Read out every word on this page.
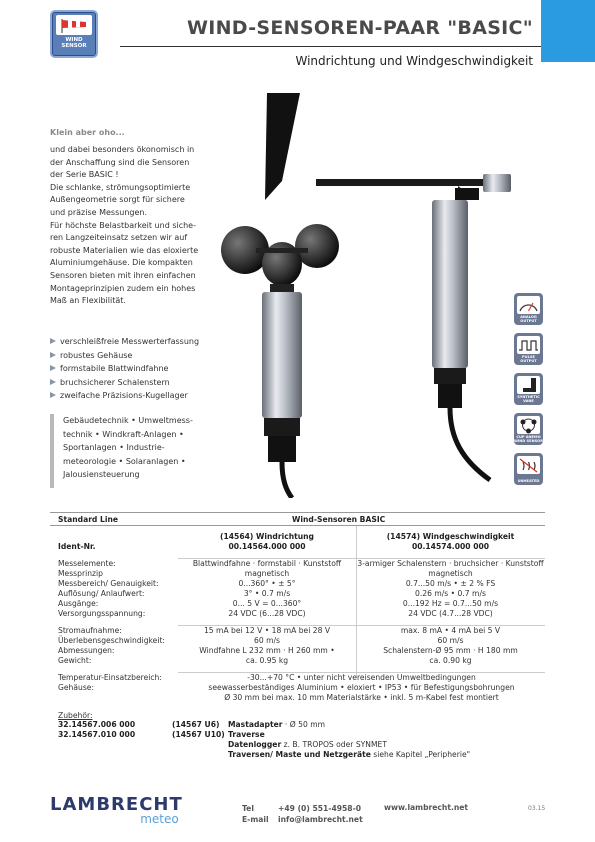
WIND
SENSOR
WIND-SENSOREN-PAAR "BASIC"
Windrichtung und Windgeschwindigkeit
Klein aber oho...
und dabei besonders ökonomisch in
der Anschaffung sind die Sensoren
der Serie BASIC !
Die schlanke, strömungsoptimierte
Außengeometrie sorgt für sichere
und präzise Messungen.
Für höchste Belastbarkeit und siche-
ren Langzeiteinsatz setzen wir auf
robuste Materialien wie das eloxierte
Aluminiumgehäuse. Die kompakten
Sensoren bieten mit ihren einfachen
Montageprinzipien zudem ein hohes
Maß an Flexibilität.
verschleißfreie Messwerterfassung
robustes Gehäuse
formstabile Blattwindfahne
bruchsicherer Schalenstern
zweifache Präzisions-Kugellager
Gebäudetechnik • Umweltmess-
technik • Windkraft-Anlagen •
Sportanlagen • Industrie-
meteorologie • Solaranlagen •
Jalousiensteuerung
ANALOG
OUTPUT
PULSE
OUTPUT
SYNTHETIC
VANE
CUP ANEMO
WIND SENSOR
UNHEATED
Standard Line	Wind-Sensoren BASIC
(14564) Windrichtung	(14574) Windgeschwindigkeit
Ident-Nr.	00.14564.000 000	00.14574.000 000
Messelemente:	Blattwindfahne · formstabil · Kunststoff	3-armiger Schalenstern · bruchsicher · Kunststoff
Messprinzip	magnetisch	magnetisch
Messbereich/ Genauigkeit:	0...360° • ± 5°	0.7...50 m/s • ± 2 % FS
Auflösung/ Anlaufwert:	3° • 0.7 m/s	0.26 m/s • 0.7 m/s
Ausgänge:	0... 5 V = 0...360°	0...192 Hz = 0.7...50 m/s
Versorgungsspannung:	24 VDC (6...28 VDC)	24 VDC (4.7...28 VDC)
Stromaufnahme:	15 mA bei 12 V • 18 mA bei 28 V	max. 8 mA • 4 mA bei 5 V
Überlebensgeschwindigkeit:	60 m/s	60 m/s
Abmessungen:	Windfahne L 232 mm · H 260 mm •	Schalenstern-Ø 95 mm · H 180 mm
Gewicht:	ca. 0.95 kg	ca. 0.90 kg
Temperatur-Einsatzbereich:	-30...+70 °C • unter nicht vereisenden Umweltbedingungen
Gehäuse:	seewasserbeständiges Aluminium • eloxiert • IP53 • für Befestigungsbohrungen
Ø 30 mm bei max. 10 mm Materialstärke • inkl. 5 m-Kabel fest montiert
Zubehör:
32.14567.006 000	(14567 U6) Mastadapter · Ø 50 mm
32.14567.010 000	(14567 U10) Traverse
Datenlogger z. B. TROPOS oder SYNMET
Traversen/ Maste und Netzgeräte siehe Kapitel „Peripherie"
LAMBRECHT
meteo
Tel	+49 (0) 551-4958-0
E-mail info@lambrecht.net
www.lambrecht.net	03.15
